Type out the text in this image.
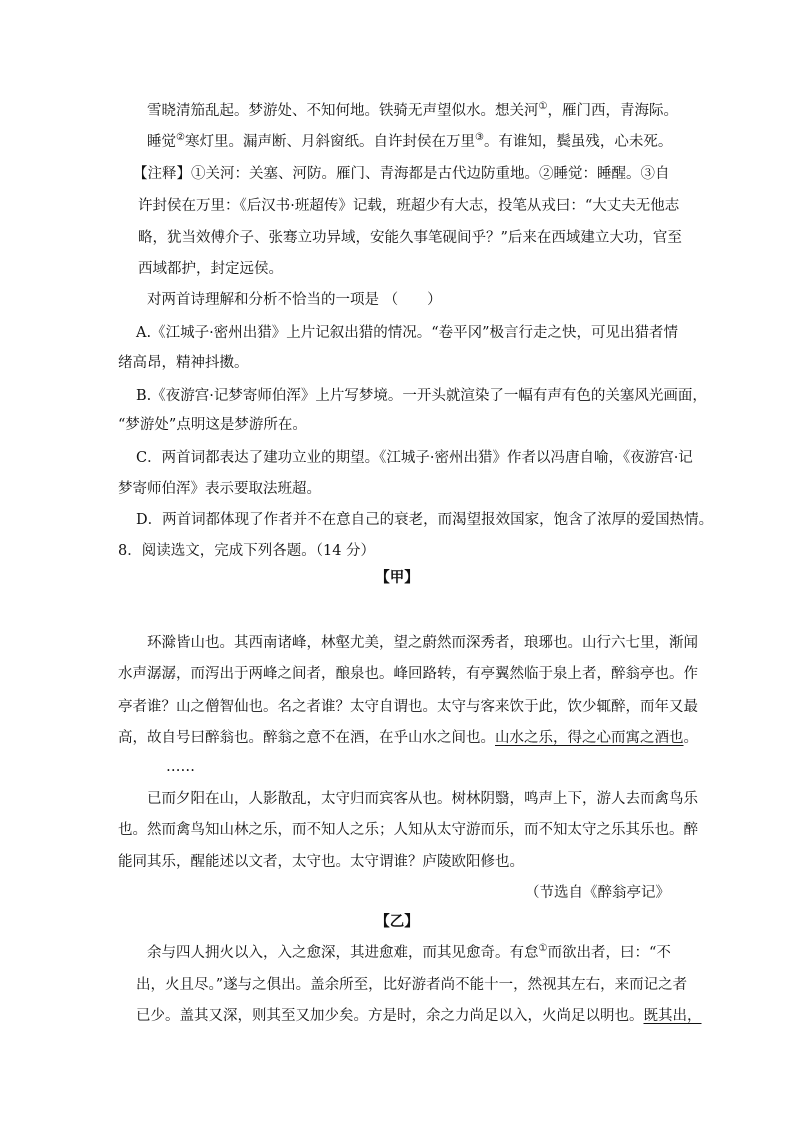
雪晓清笳乱起。梦游处、不知何地。铁骑无声望似水。想关河①，雁门西，青海际。
睡觉②寒灯里。漏声断、月斜窗纸。自许封侯在万里③。有谁知，鬓虽残，心未死。
【注释】①关河：关塞、河防。雁门、青海都是古代边防重地。②睡觉：睡醒。③自
许封侯在万里：《后汉书·班超传》记载，班超少有大志，投笔从戎曰：“大丈夫无他志
略，犹当效傅介子、张骞立功异域，安能久事笔砚间乎？”后来在西域建立大功，官至
西域都护，封定远侯。
对两首诗理解和分析不恰当的一项是 （　　）
A.《江城子·密州出猎》上片记叙出猎的情况。“卷平冈”极言行走之快，可见出猎者情
绪高昂，精神抖擞。
B.《夜游宫·记梦寄师伯浑》上片写梦境。一开头就渲染了一幅有声有色的关塞风光画面，
“梦游处”点明这是梦游所在。
C．两首词都表达了建功立业的期望。《江城子·密州出猎》作者以冯唐自喻，《夜游宫·记
梦寄师伯浑》表示要取法班超。
D．两首词都体现了作者并不在意自己的衰老，而渴望报效国家，饱含了浓厚的爱国热情。
8．阅读选文，完成下列各题。（14 分）
【甲】
环滁皆山也。其西南诸峰，林壑尤美，望之蔚然而深秀者，琅琊也。山行六七里，渐闻
水声潺潺，而泻出于两峰之间者，酿泉也。峰回路转，有亭翼然临于泉上者，醉翁亭也。作
亭者谁？山之僧智仙也。名之者谁？太守自谓也。太守与客来饮于此，饮少辄醉，而年又最
高，故自号曰醉翁也。醉翁之意不在酒，在乎山水之间也。山水之乐，得之心而寓之酒也。
……
已而夕阳在山，人影散乱，太守归而宾客从也。树林阴翳，鸣声上下，游人去而禽鸟乐
也。然而禽鸟知山林之乐，而不知人之乐；人知从太守游而乐，而不知太守之乐其乐也。醉
能同其乐，醒能述以文者，太守也。太守谓谁？庐陵欧阳修也。
（节选自《醉翁亭记》
【乙】
余与四人拥火以入，入之愈深，其进愈难，而其见愈奇。有怠①而欲出者，曰：“不
出，火且尽。”遂与之俱出。盖余所至，比好游者尚不能十一，然视其左右，来而记之者
已少。盖其又深，则其至又加少矣。方是时，余之力尚足以入，火尚足以明也。既其出，
